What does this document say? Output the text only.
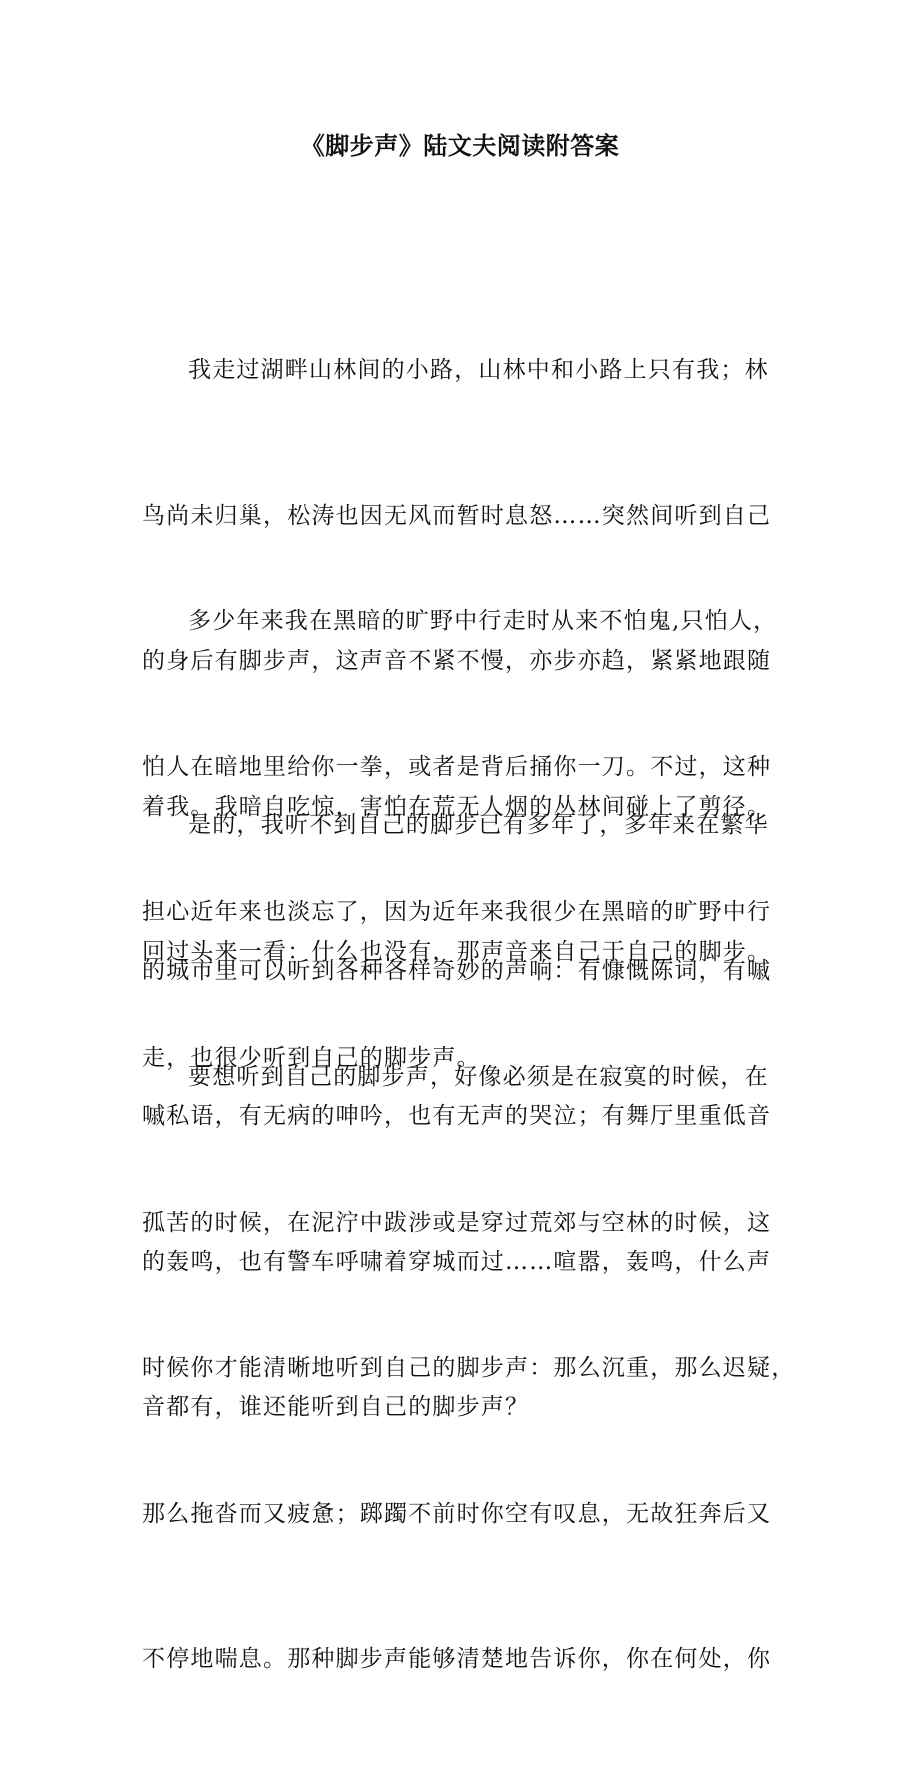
《脚步声》陆文夫阅读附答案

我走过湖畔山林间的小路，山林中和小路上只有我；林

鸟尚未归巢，松涛也因无风而暂时息怒……突然间听到自己

的身后有脚步声，这声音不紧不慢，亦步亦趋，紧紧地跟随

着我。我暗自吃惊，害怕在荒无人烟的丛林间碰上了剪径。

回过头来一看：什么也没有，那声音来自己于自己的脚步。

多少年来我在黑暗的旷野中行走时从来不怕鬼,只怕人，

怕人在暗地里给你一拳，或者是背后捅你一刀。不过，这种

担心近年来也淡忘了，因为近年来我很少在黑暗的旷野中行

走，也很少听到自己的脚步声。

是的，我听不到自己的脚步已有多年了，多年来在繁华

的城市里可以听到各种各样奇妙的声响：有慷慨陈词，有嘁

嘁私语，有无病的呻吟，也有无声的哭泣；有舞厅里重低音

的轰鸣，也有警车呼啸着穿城而过……喧嚣，轰鸣，什么声

音都有，谁还能听到自己的脚步声？

要想听到自己的脚步声，好像必须是在寂寞的时候，在

孤苦的时候，在泥泞中跋涉或是穿过荒郊与空林的时候，这

时候你才能清晰地听到自己的脚步声：那么沉重，那么迟疑，

那么拖沓而又疲惫；踯躅不前时你空有叹息，无故狂奔后又

不停地喘息。那种脚步声能够清楚地告诉你，你在何处，你
